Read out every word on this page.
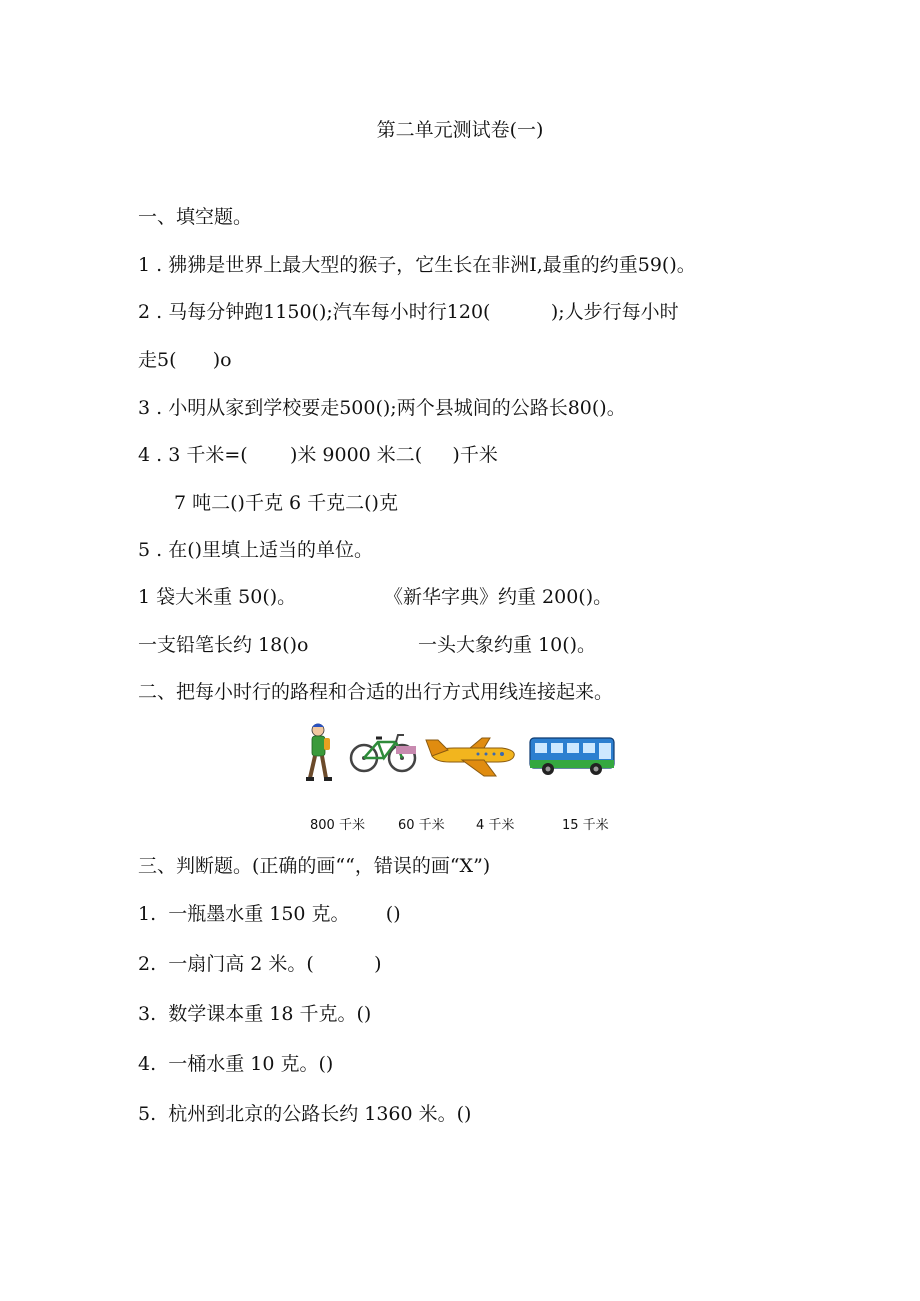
第二单元测试卷(一)
一、填空题。
1 . 狒狒是世界上最大型的猴子，它生长在非洲I,最重的约重59()。
2 . 马每分钟跑1150();汽车每小时行120(          );人步行每小时
走5(      )o
3 . 小明从家到学校要走500();两个县城间的公路长80()。
4 . 3 千米=(       )米 9000 米二(     )千米
7 吨二()千克 6 千克二()克
5 . 在()里填上适当的单位。
1 袋大米重 50()。	《新华字典》约重 200()。
一支铅笔长约 18()o	一头大象约重 10()。
二、把每小时行的路程和合适的出行方式用线连接起来。
800 千米	60 千米 4 千米	15 千米
三、判断题。(正确的画““，错误的画“X”)
1.  一瓶墨水重 150 克。      ()
2.  一扇门高 2 米。(          )
3.  数学课本重 18 千克。()
4.  一桶水重 10 克。()
5.  杭州到北京的公路长约 1360 米。()
